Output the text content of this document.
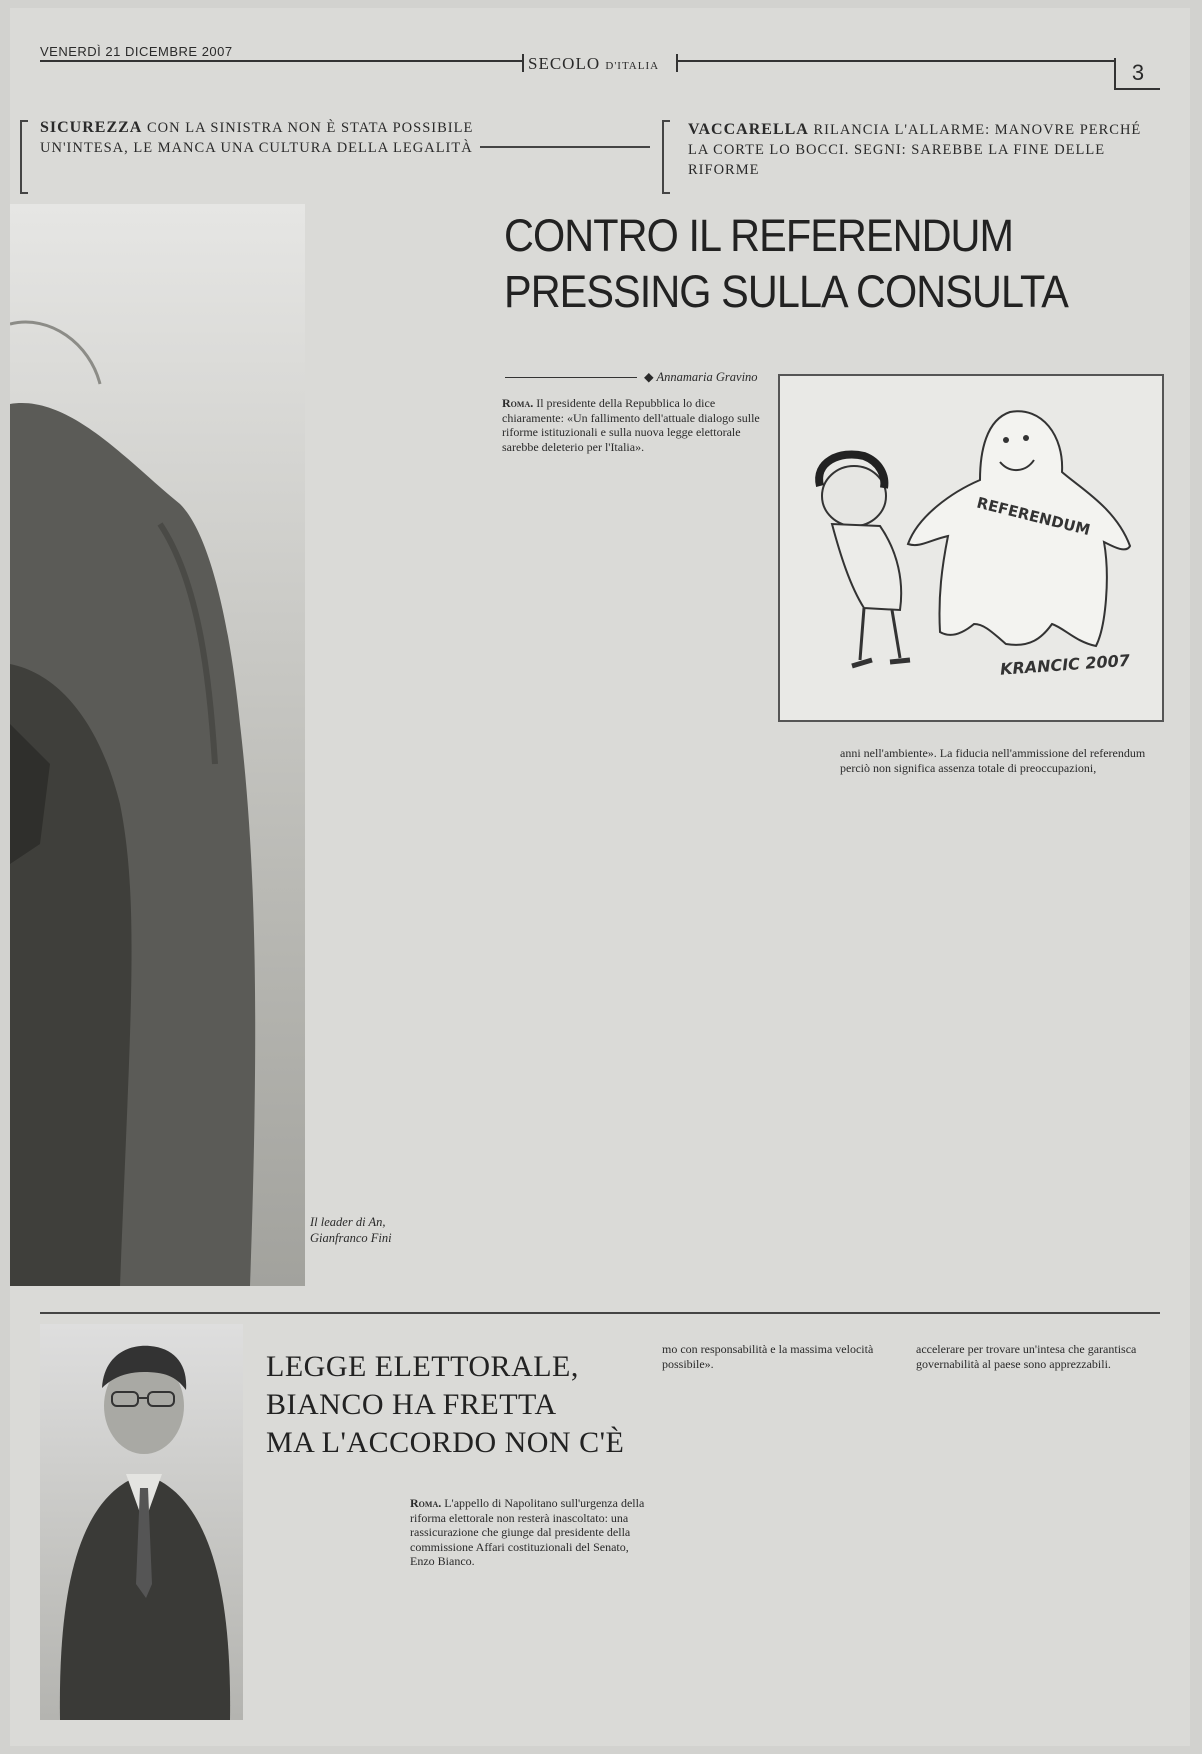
VENERDÌ 21 DICEMBRE 2007
SECOLO D'ITALIA	3
SICUREZZA CON LA SINISTRA NON È STATA POSSIBILE UN'INTESA, LE MANCA UNA CULTURA DELLA LEGALITÀ
VACCARELLA RILANCIA L'ALLARME: MANOVRE PERCHÉ LA CORTE LO BOCCI. SEGNI: SAREBBE LA FINE DELLE RIFORME
Il leader di An,
Gianfranco Fini
CONTRO IL REFERENDUM
PRESSING SULLA CONSULTA
◆ Annamaria Gravino
Roma. Il presidente della Repubblica lo dice chiaramente: «Un fallimento dell'attuale dialogo sulle riforme istituzionali e sulla nuova legge elettorale sarebbe deleterio per l'Italia».
anni nell'ambiente». La fiducia nell'ammissione del referendum perciò non significa assenza totale di preoccupazioni,
REFERENDUM
KRANCIC 2007
LEGGE ELETTORALE,
BIANCO HA FRETTA
MA L'ACCORDO NON C'È
Roma. L'appello di Napolitano sull'urgenza della riforma elettorale non resterà inascoltato: una rassicurazione che giunge dal presidente della commissione Affari costituzionali del Senato, Enzo Bianco.
mo con responsabilità e la massima velocità possibile».
accelerare per trovare un'intesa che garantisca governabilità al paese sono apprezzabili.
